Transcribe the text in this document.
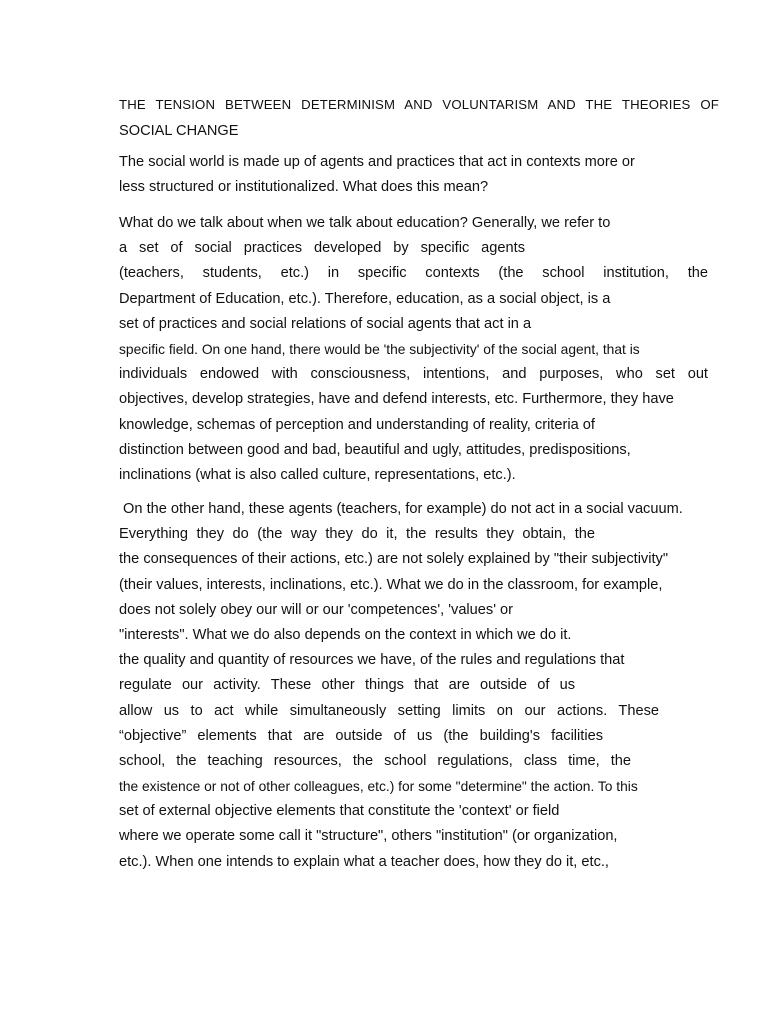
THE TENSION BETWEEN DETERMINISM AND VOLUNTARISM AND THE THEORIES OF
SOCIAL CHANGE
The social world is made up of agents and practices that act in contexts more or
less structured or institutionalized. What does this mean?
What do we talk about when we talk about education? Generally, we refer to
a set of social practices developed by specific agents
(teachers, students, etc.) in specific contexts (the school institution, the
Department of Education, etc.). Therefore, education, as a social object, is a
set of practices and social relations of social agents that act in a
specific field. On one hand, there would be 'the subjectivity' of the social agent, that is
individuals endowed with consciousness, intentions, and purposes, who set out
objectives, develop strategies, have and defend interests, etc. Furthermore, they have
knowledge, schemas of perception and understanding of reality, criteria of
distinction between good and bad, beautiful and ugly, attitudes, predispositions,
inclinations (what is also called culture, representations, etc.).
On the other hand, these agents (teachers, for example) do not act in a social vacuum.
Everything they do (the way they do it, the results they obtain, the
the consequences of their actions, etc.) are not solely explained by "their subjectivity"
(their values, interests, inclinations, etc.). What we do in the classroom, for example,
does not solely obey our will or our 'competences', 'values' or
"interests". What we do also depends on the context in which we do it.
the quality and quantity of resources we have, of the rules and regulations that
regulate our activity. These other things that are outside of us
allow us to act while simultaneously setting limits on our actions. These
“objective” elements that are outside of us (the building's facilities
school, the teaching resources, the school regulations, class time, the
the existence or not of other colleagues, etc.) for some "determine" the action. To this
set of external objective elements that constitute the 'context' or field
where we operate some call it "structure", others "institution" (or organization,
etc.). When one intends to explain what a teacher does, how they do it, etc.,
